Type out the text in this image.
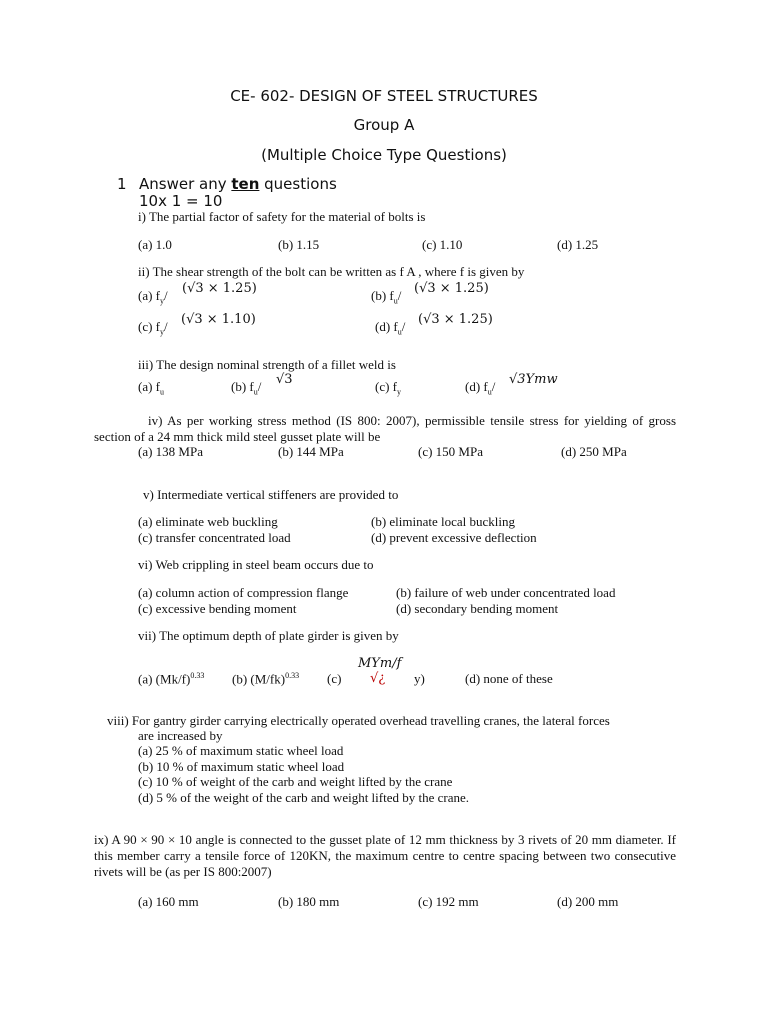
CE- 602- DESIGN OF STEEL STRUCTURES
Group A
(Multiple Choice Type Questions)
1 Answer any ten questions
10x 1 = 10
i) The partial factor of safety for the material of bolts is
(a) 1.0	(b) 1.15	(c) 1.10	(d) 1.25
ii) The shear strength of the bolt can be written as f A , where f is given by
(a) $f_y/$ (√3 × 1.25)	(b) $f_u/$ (√3 × 1.25)
(c) $f_y/$ (√3 × 1.10)	(d) $f_u/$ (√3 × 1.25)
iii) The design nominal strength of a fillet weld is
(a) $f_u$	(b) $f_u/$ √3	(c) $f_y$	(d) $f_u/$ √3Ymw
iv) As per working stress method (IS 800: 2007), permissible tensile stress for yielding of gross section of a 24 mm thick mild steel gusset plate will be
(a) 138 MPa	(b) 144 MPa	(c) 150 MPa	(d) 250 MPa
v) Intermediate vertical stiffeners are provided to
(a) eliminate web buckling	(b) eliminate local buckling
(c) transfer concentrated load	(d) prevent excessive deflection
vi) Web crippling in steel beam occurs due to
(a) column action of compression flange	(b) failure of web under concentrated load
(c) excessive bending moment	(d) secondary bending moment
vii) The optimum depth of plate girder is given by
MYm/f
√¿
(a) $(Mk/f)^{0.33}$ (b) $(M/fk)^{0.33}$ (c)	y)	(d) none of these
viii) For gantry girder carrying electrically operated overhead travelling cranes, the lateral forces
are increased by
(a) 25 % of maximum static wheel load
(b) 10 % of maximum static wheel load
(c) 10 % of weight of the carb and weight lifted by the crane
(d) 5 % of the weight of the carb and weight lifted by the crane.
ix) A 90 × 90 × 10 angle is connected to the gusset plate of 12 mm thickness by 3 rivets of 20 mm diameter. If this member carry a tensile force of 120KN, the maximum centre to centre spacing between two consecutive rivets will be (as per IS 800:2007)
(a) 160 mm	(b) 180 mm	(c) 192 mm	(d) 200 mm
